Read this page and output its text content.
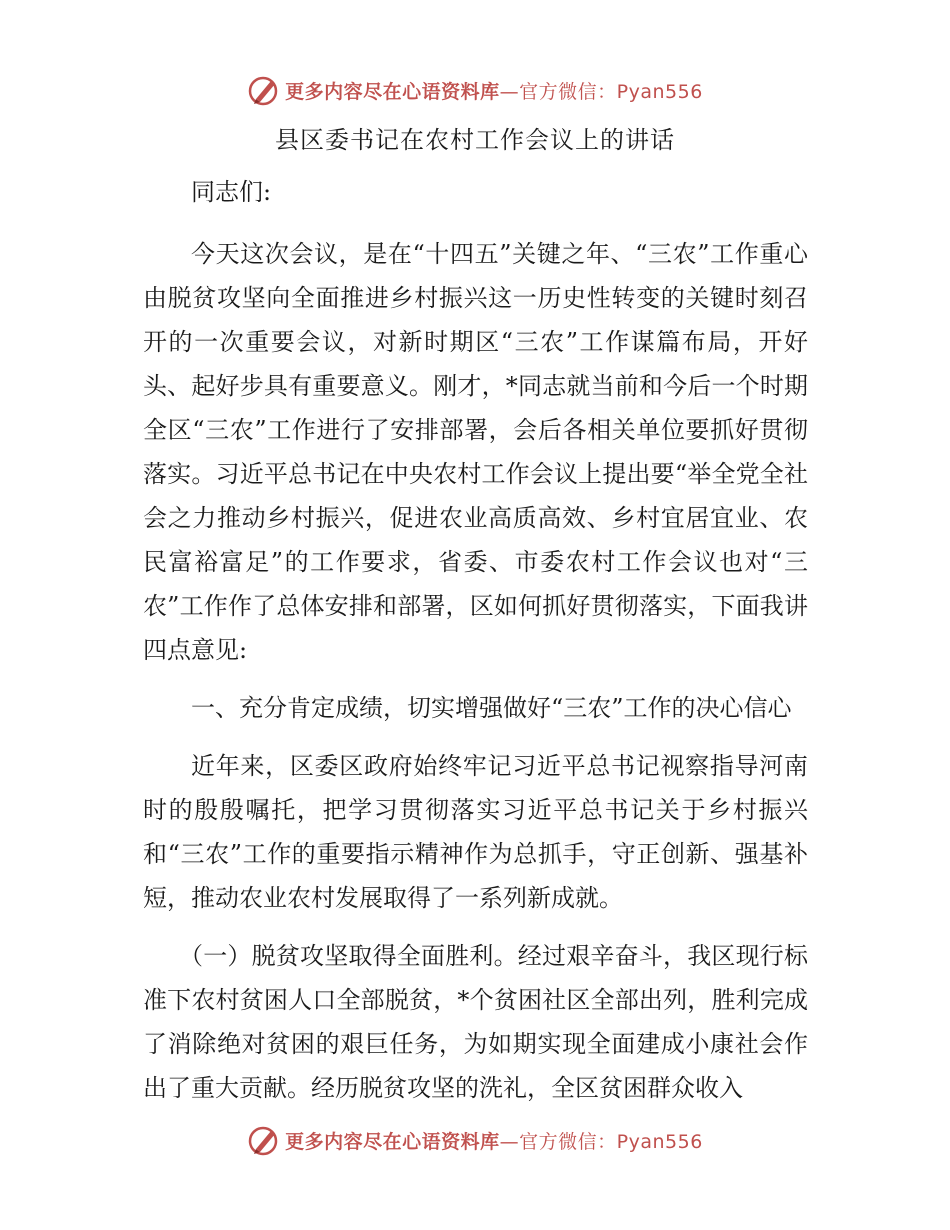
更多内容尽在心语资料库—官方微信：Pyan556
县区委书记在农村工作会议上的讲话

同志们:

今天这次会议，是在“十四五”关键之年、“三农”工作重心由脱贫攻坚向全面推进乡村振兴这一历史性转变的关键时刻召开的一次重要会议，对新时期区“三农”工作谋篇布局，开好头、起好步具有重要意义。刚才，*同志就当前和今后一个时期全区“三农”工作进行了安排部署，会后各相关单位要抓好贯彻落实。习近平总书记在中央农村工作会议上提出要“举全党全社会之力推动乡村振兴，促进农业高质高效、乡村宜居宜业、农民富裕富足”的工作要求，省委、市委农村工作会议也对“三农”工作作了总体安排和部署，区如何抓好贯彻落实，下面我讲四点意见:

一、充分肯定成绩，切实增强做好“三农”工作的决心信心

近年来，区委区政府始终牢记习近平总书记视察指导河南时的殷殷嘱托，把学习贯彻落实习近平总书记关于乡村振兴和“三农”工作的重要指示精神作为总抓手，守正创新、强基补短，推动农业农村发展取得了一系列新成就。

（一）脱贫攻坚取得全面胜利。经过艰辛奋斗，我区现行标准下农村贫困人口全部脱贫，*个贫困社区全部出列，胜利完成了消除绝对贫困的艰巨任务，为如期实现全面建成小康社会作出了重大贡献。经历脱贫攻坚的洗礼，全区贫困群众收入

更多内容尽在心语资料库—官方微信：Pyan556
